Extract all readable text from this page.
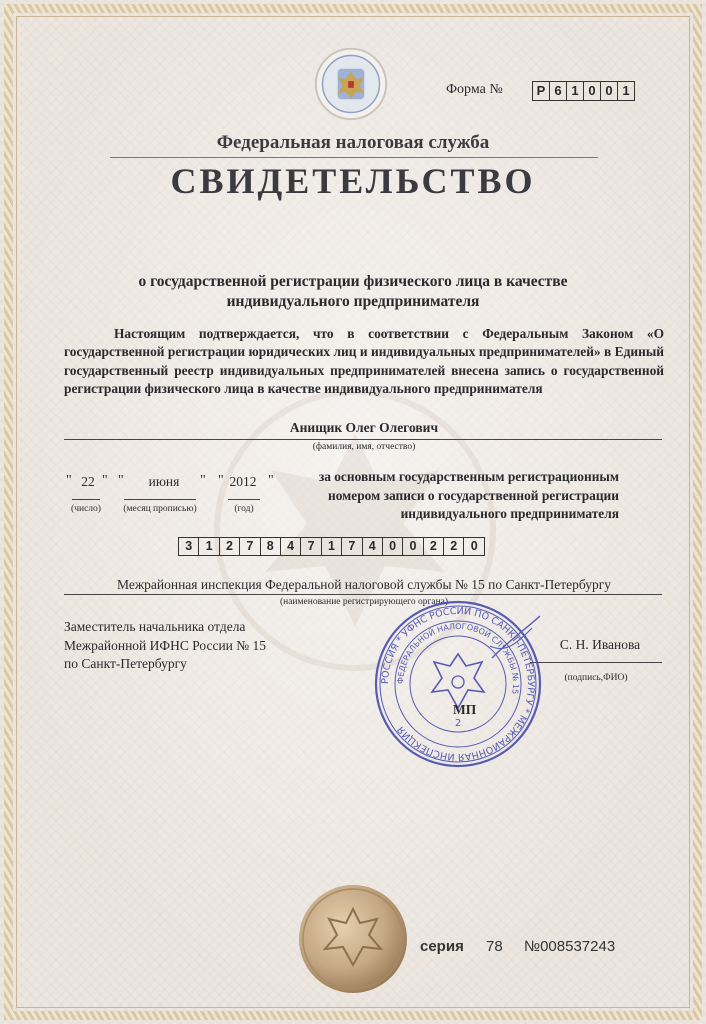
Форма №	Р 6 1 0 0 1
Федеральная налоговая служба
СВИДЕТЕЛЬСТВО
о государственной регистрации физического лица в качестве
индивидуального предпринимателя
Настоящим подтверждается, что в соответствии с Федеральным Законом «О государственной регистрации юридических лиц и индивидуальных предпринимателей» в Единый государственный реестр индивидуальных предпринимателей внесена запись о государственной регистрации физического лица в качестве индивидуального предпринимателя
Анищик Олег Олегович
(фамилия, имя, отчество)
" 22 " "	июня	" " 2012 "
(число)	(месяц прописью)	(год)
за основным государственным регистрационным номером записи о государственной регистрации индивидуального предпринимателя
3	1	2	7	8	4	7	1	7	4	0	0	2	2	0
Межрайонная инспекция Федеральной налоговой службы № 15 по Санкт-Петербургу
(наименование регистрирующего органа)
Заместитель начальника отдела
Межрайонной ИФНС России № 15
по Санкт-Петербургу
С. Н. Иванова
(подпись,ФИО)
РОССИЯ * УФНС РОССИИ ПО САНКТ-ПЕТЕРБУРГУ * МЕЖРАЙОННАЯ ИНСПЕКЦИЯ
ФЕДЕРАЛЬНОЙ НАЛОГОВОЙ СЛУЖБЫ № 15
2
МП
серия 78 №008537243
